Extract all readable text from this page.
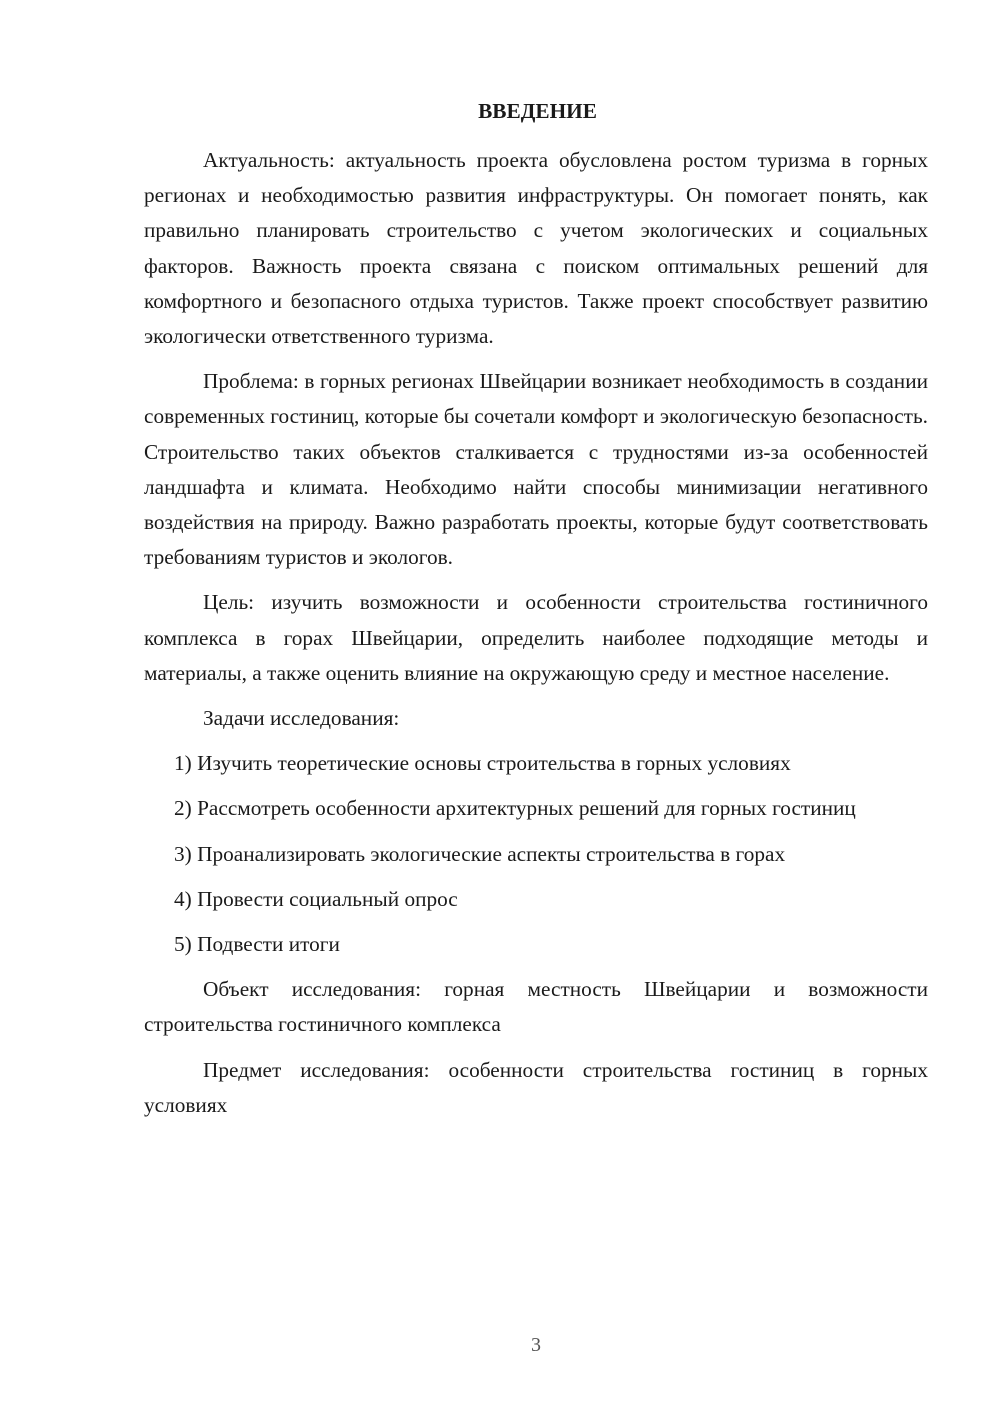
ВВЕДЕНИЕ

Актуальность: актуальность проекта обусловлена ростом туризма в горных регионах и необходимостью развития инфраструктуры. Он помогает понять, как правильно планировать строительство с учетом экологических и социальных факторов. Важность проекта связана с поиском оптимальных решений для комфортного и безопасного отдыха туристов. Также проект способствует развитию экологически ответственного туризма.

Проблема: в горных регионах Швейцарии возникает необходимость в создании современных гостиниц, которые бы сочетали комфорт и экологическую безопасность. Строительство таких объектов сталкивается с трудностями из-за особенностей ландшафта и климата. Необходимо найти способы минимизации негативного воздействия на природу. Важно разработать проекты, которые будут соответствовать требованиям туристов и экологов.

Цель: изучить возможности и особенности строительства гостиничного комплекса в горах Швейцарии, определить наиболее подходящие методы и материалы, а также оценить влияние на окружающую среду и местное население.

Задачи исследования:

1) Изучить теоретические основы строительства в горных условиях
2) Рассмотреть особенности архитектурных решений для горных гостиниц
3) Проанализировать экологические аспекты строительства в горах
4) Провести социальный опрос
5) Подвести итоги

Объект исследования: горная местность Швейцарии и возможности строительства гостиничного комплекса

Предмет исследования: особенности строительства гостиниц в горных условиях

3
